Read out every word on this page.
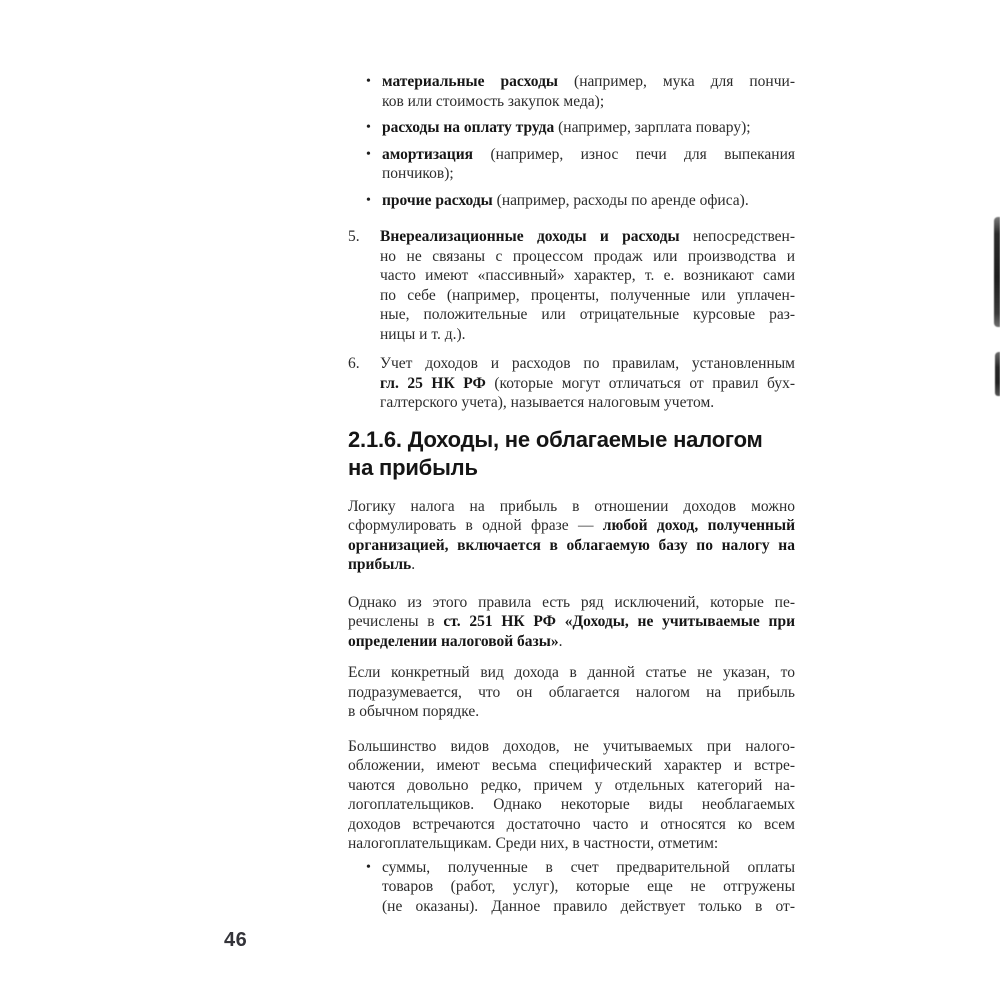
• материальные расходы (например, мука для пончи-
ков или стоимость закупок меда);
• расходы на оплату труда (например, зарплата повару);
• амортизация (например, износ печи для выпекания
пончиков);
• прочие расходы (например, расходы по аренде офиса).
5.	Внереализационные доходы и расходы непосредствен-
но не связаны с процессом продаж или производства и
часто имеют «пассивный» характер, т. е. возникают сами
по себе (например, проценты, полученные или уплачен-
ные, положительные или отрицательные курсовые раз-
ницы и т. д.).
6.	Учет доходов и расходов по правилам, установленным
гл. 25 НК РФ (которые могут отличаться от правил бух-
галтерского учета), называется налоговым учетом.
2.1.6. Доходы, не облагаемые налогом
на прибыль
Логику налога на прибыль в отношении доходов можно
сформулировать в одной фразе — любой доход, полученный
организацией, включается в облагаемую базу по налогу на
прибыль.
Однако из этого правила есть ряд исключений, которые пе-
речислены в ст. 251 НК РФ «Доходы, не учитываемые при
определении налоговой базы».
Если конкретный вид дохода в данной статье не указан, то
подразумевается, что он облагается налогом на прибыль
в обычном порядке.
Большинство видов доходов, не учитываемых при налого-
обложении, имеют весьма специфический характер и встре-
чаются довольно редко, причем у отдельных категорий на-
логоплательщиков. Однако некоторые виды необлагаемых
доходов встречаются достаточно часто и относятся ко всем
налогоплательщикам. Среди них, в частности, отметим:
• суммы, полученные в счет предварительной оплаты
товаров (работ, услуг), которые еще не отгружены
(не оказаны). Данное правило действует только в от-
46
